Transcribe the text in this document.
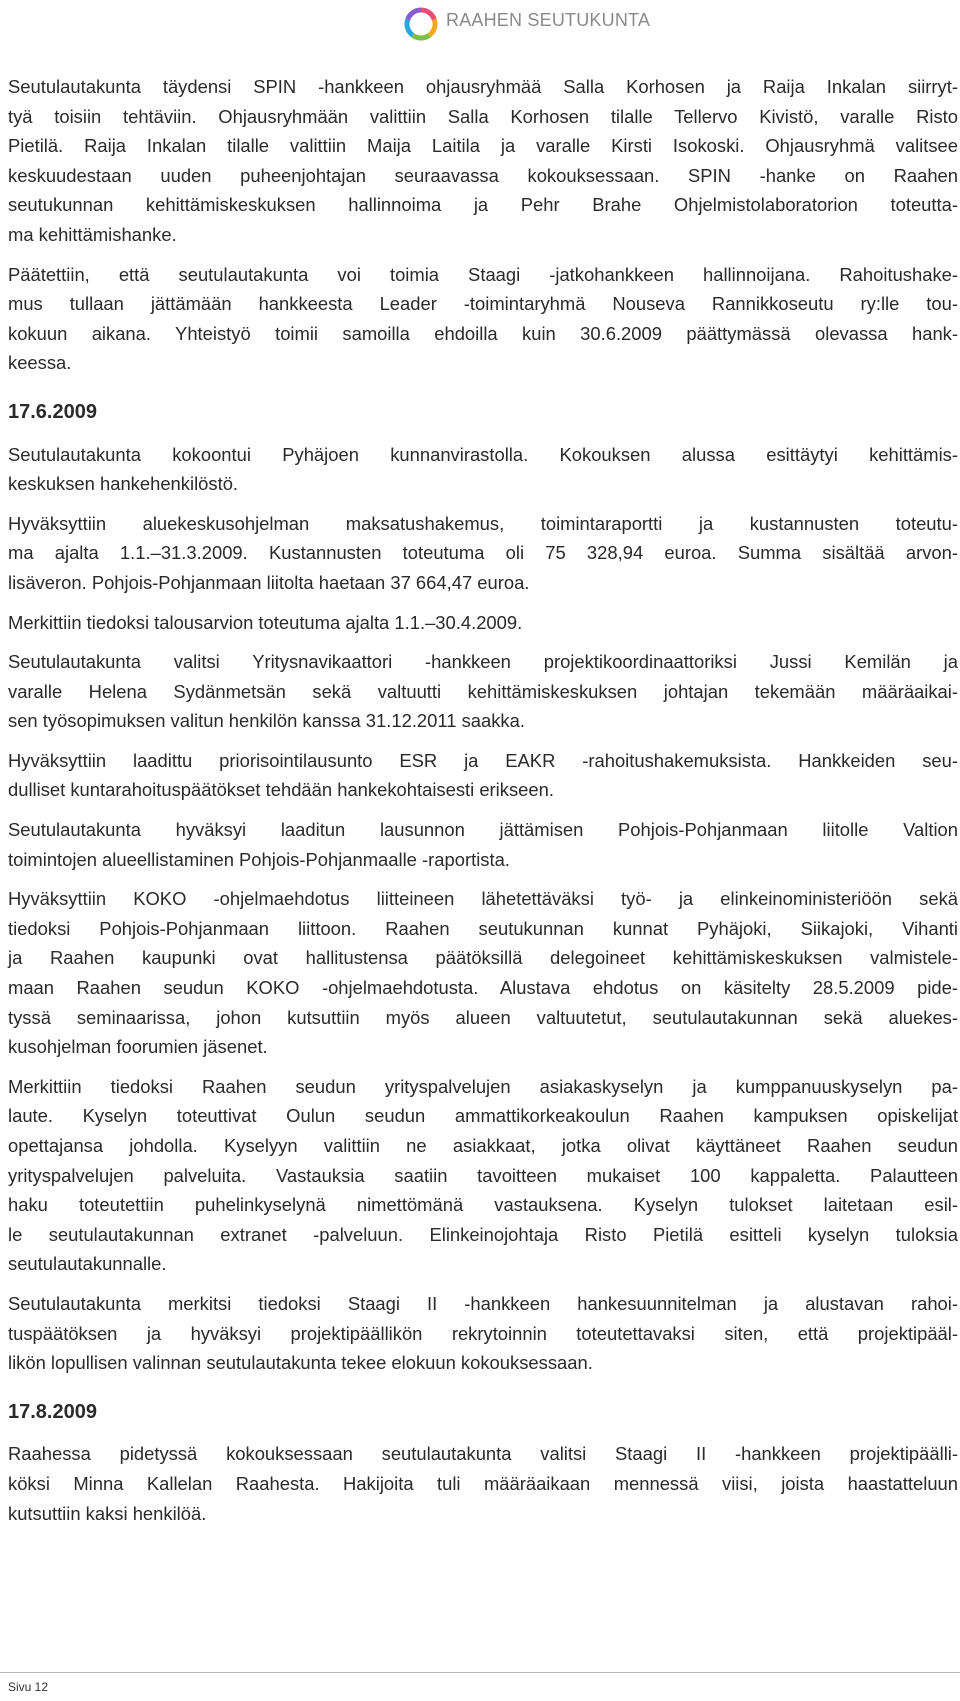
RAAHEN SEUTUKUNTA

Seutulautakunta täydensi SPIN -hankkeen ohjausryhmää Salla Korhosen ja Raija Inkalan siirryt-
tyä toisiin tehtäviin. Ohjausryhmään valittiin Salla Korhosen tilalle Tellervo Kivistö, varalle Risto
Pietilä. Raija Inkalan tilalle valittiin Maija Laitila ja varalle Kirsti Isokoski. Ohjausryhmä valitsee
keskuudestaan uuden puheenjohtajan seuraavassa kokouksessaan. SPIN -hanke on Raahen
seutukunnan kehittämiskeskuksen hallinnoima ja Pehr Brahe Ohjelmistolaboratorion toteutta-
ma kehittämishanke.

Päätettiin, että seutulautakunta voi toimia Staagi -jatkohankkeen hallinnoijana. Rahoitushake-
mus tullaan jättämään hankkeesta Leader -toimintaryhmä Nouseva Rannikkoseutu ry:lle tou-
kokuun aikana. Yhteistyö toimii samoilla ehdoilla kuin 30.6.2009 päättymässä olevassa hank-
keessa.

17.6.2009

Seutulautakunta kokoontui Pyhäjoen kunnanvirastolla. Kokouksen alussa esittäytyi kehittämis-
keskuksen hankehenkilöstö.

Hyväksyttiin aluekeskusohjelman maksatushakemus, toimintaraportti ja kustannusten toteutu-
ma ajalta 1.1.–31.3.2009. Kustannusten toteutuma oli 75 328,94 euroa. Summa sisältää arvon-
lisäveron. Pohjois-Pohjanmaan liitolta haetaan 37 664,47 euroa.

Merkittiin tiedoksi talousarvion toteutuma ajalta 1.1.–30.4.2009.

Seutulautakunta valitsi Yritysnavikaattori -hankkeen projektikoordinaattoriksi Jussi Kemilän ja
varalle Helena Sydänmetsän sekä valtuutti kehittämiskeskuksen johtajan tekemään määräaikai-
sen työsopimuksen valitun henkilön kanssa 31.12.2011 saakka.

Hyväksyttiin laadittu priorisointilausunto ESR ja EAKR -rahoitushakemuksista. Hankkeiden seu-
dulliset kuntarahoituspäätökset tehdään hankekohtaisesti erikseen.

Seutulautakunta hyväksyi laaditun lausunnon jättämisen Pohjois-Pohjanmaan liitolle Valtion
toimintojen alueellistaminen Pohjois-Pohjanmaalle -raportista.

Hyväksyttiin KOKO -ohjelmaehdotus liitteineen lähetettäväksi työ- ja elinkeinoministeriöön sekä
tiedoksi Pohjois-Pohjanmaan liittoon. Raahen seutukunnan kunnat Pyhäjoki, Siikajoki, Vihanti
ja Raahen kaupunki ovat hallitustensa päätöksillä delegoineet kehittämiskeskuksen valmistele-
maan Raahen seudun KOKO -ohjelmaehdotusta. Alustava ehdotus on käsitelty 28.5.2009 pide-
tyssä seminaarissa, johon kutsuttiin myös alueen valtuutetut, seutulautakunnan sekä aluekes-
kusohjelman foorumien jäsenet.

Merkittiin tiedoksi Raahen seudun yrityspalvelujen asiakaskyselyn ja kumppanuuskyselyn pa-
laute. Kyselyn toteuttivat Oulun seudun ammattikorkeakoulun Raahen kampuksen opiskelijat
opettajansa johdolla. Kyselyyn valittiin ne asiakkaat, jotka olivat käyttäneet Raahen seudun
yrityspalvelujen palveluita. Vastauksia saatiin tavoitteen mukaiset 100 kappaletta. Palautteen
haku toteutettiin puhelinkyselynä nimettömänä vastauksena. Kyselyn tulokset laitetaan esil-
le seutulautakunnan extranet -palveluun. Elinkeinojohtaja Risto Pietilä esitteli kyselyn tuloksia
seutulautakunnalle.

Seutulautakunta merkitsi tiedoksi Staagi II -hankkeen hankesuunnitelman ja alustavan rahoi-
tuspäätöksen ja hyväksyi projektipäällikön rekrytoinnin toteutettavaksi siten, että projektipääl-
likön lopullisen valinnan seutulautakunta tekee elokuun kokouksessaan.

17.8.2009

Raahessa pidetyssä kokouksessaan seutulautakunta valitsi Staagi II -hankkeen projektipäälli-
köksi Minna Kallelan Raahesta. Hakijoita tuli määräaikaan mennessä viisi, joista haastatteluun
kutsuttiin kaksi henkilöä.

Sivu 12
